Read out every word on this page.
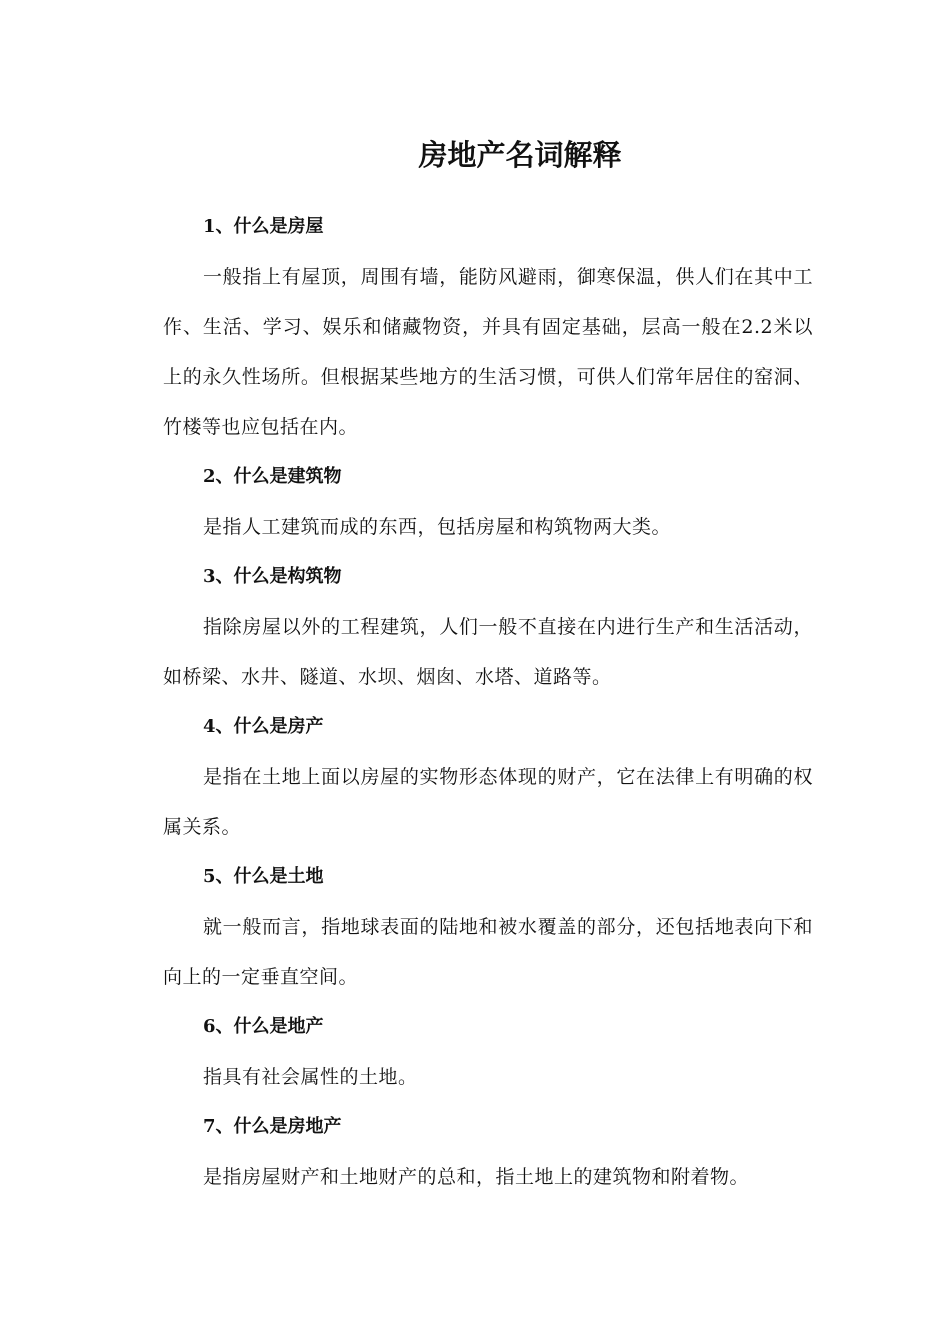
房地产名词解释

1、什么是房屋

一般指上有屋顶，周围有墙，能防风避雨，御寒保温，供人们在其中工作、生活、学习、娱乐和储藏物资，并具有固定基础，层高一般在2.2米以上的永久性场所。但根据某些地方的生活习惯，可供人们常年居住的窑洞、竹楼等也应包括在内。

2、什么是建筑物

是指人工建筑而成的东西，包括房屋和构筑物两大类。

3、什么是构筑物

指除房屋以外的工程建筑，人们一般不直接在内进行生产和生活活动，如桥梁、水井、隧道、水坝、烟囱、水塔、道路等。

4、什么是房产

是指在土地上面以房屋的实物形态体现的财产，它在法律上有明确的权属关系。

5、什么是土地

就一般而言，指地球表面的陆地和被水覆盖的部分，还包括地表向下和向上的一定垂直空间。

6、什么是地产

指具有社会属性的土地。

7、什么是房地产

是指房屋财产和土地财产的总和，指土地上的建筑物和附着物。
